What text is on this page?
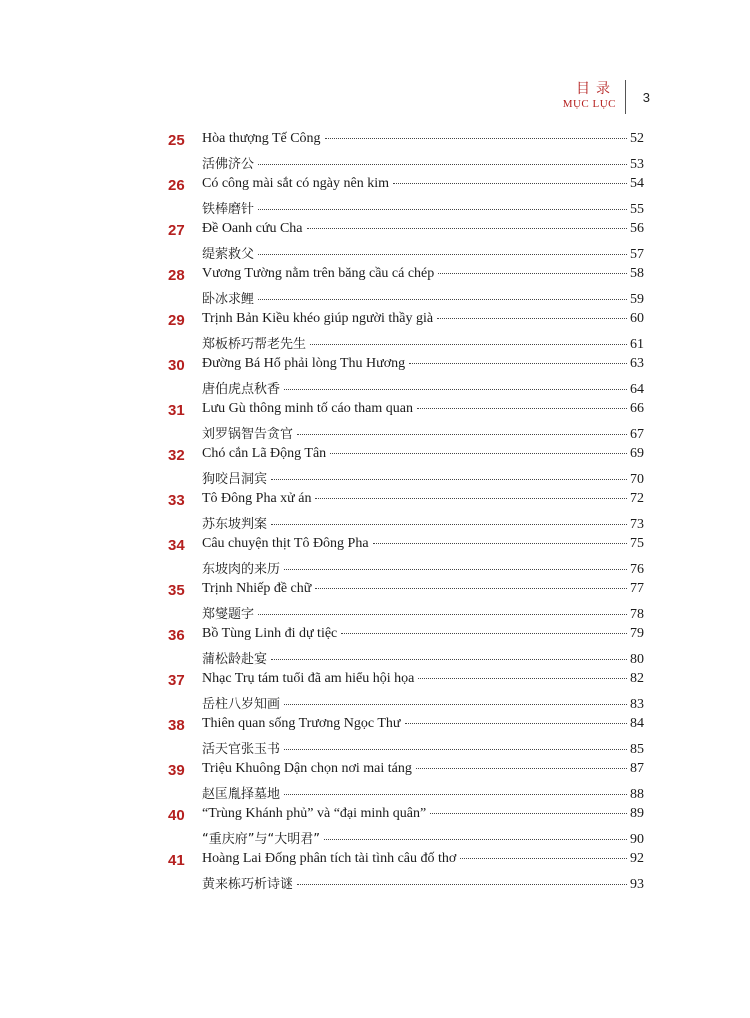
目录
MỤC LỤC 3
25	Hòa thượng Tế Công	52
活佛济公	53
26	Có công mài sắt có ngày nên kim	54
铁棒磨针	55
27	Đề Oanh cứu Cha	56
缇萦救父	57
28	Vương Tường nằm trên băng cầu cá chép	58
卧冰求鲤	59
29	Trịnh Bản Kiều khéo giúp người thầy già	60
郑板桥巧帮老先生	61
30	Đường Bá Hổ phải lòng Thu Hương	63
唐伯虎点秋香	64
31	Lưu Gù thông minh tố cáo tham quan	66
刘罗锅智告贪官	67
32	Chó cắn Lã Động Tân	69
狗咬吕洞宾	70
33	Tô Đông Pha xử án	72
苏东坡判案	73
34	Câu chuyện thịt Tô Đông Pha	75
东坡肉的来历	76
35	Trịnh Nhiếp đề chữ	77
郑燮题字	78
36	Bồ Tùng Linh đi dự tiệc	79
蒲松龄赴宴	80
37	Nhạc Trụ tám tuổi đã am hiểu hội họa	82
岳柱八岁知画	83
38	Thiên quan sống Trương Ngọc Thư	84
活天官张玉书	85
39	Triệu Khuông Dận chọn nơi mai táng	87
赵匡胤择墓地	88
40	“Trùng Khánh phủ” và “đại minh quân”	89
“重庆府”与“大明君”	90
41	Hoàng Lai Đống phân tích tài tình câu đố thơ	92
黄来栋巧析诗谜	93
